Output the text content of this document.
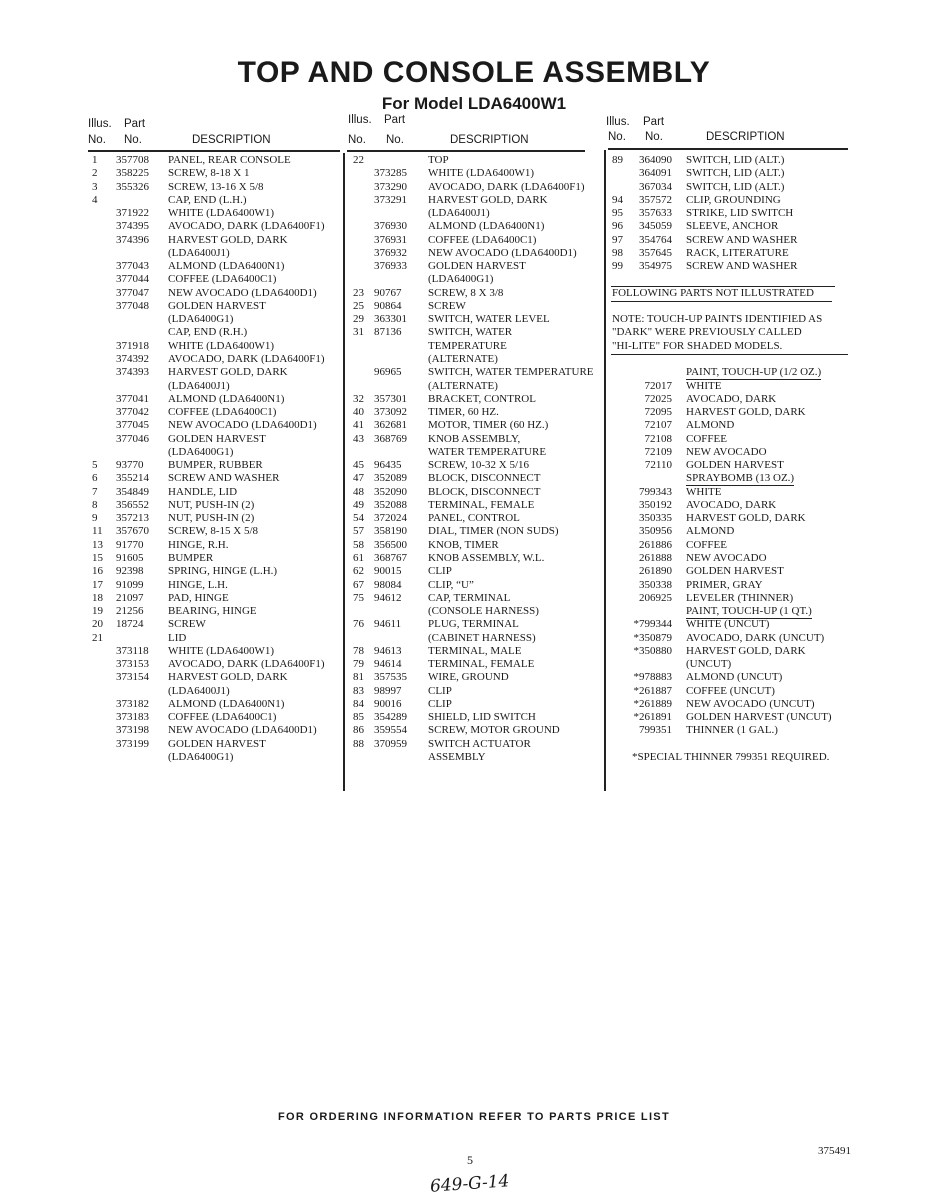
TOP AND CONSOLE ASSEMBLY
For Model LDA6400W1
Illus. Part
No. No.	DESCRIPTION
Illus. Part
No. No.	DESCRIPTION
Illus. Part
No. No.	DESCRIPTION
1 357708 PANEL, REAR CONSOLE
2 358225 SCREW, 8-18 X 1
3 355326 SCREW, 13-16 X 5/8
4	CAP, END (L.H.)
371922 WHITE (LDA6400W1)
374395 AVOCADO, DARK (LDA6400F1)
374396 HARVEST GOLD, DARK
(LDA6400J1)
377043 ALMOND (LDA6400N1)
377044 COFFEE (LDA6400C1)
377047 NEW AVOCADO (LDA6400D1)
377048 GOLDEN HARVEST
(LDA6400G1)
CAP, END (R.H.)
371918 WHITE (LDA6400W1)
374392 AVOCADO, DARK (LDA6400F1)
374393 HARVEST GOLD, DARK
(LDA6400J1)
377041 ALMOND (LDA6400N1)
377042 COFFEE (LDA6400C1)
377045 NEW AVOCADO (LDA6400D1)
377046 GOLDEN HARVEST
(LDA6400G1)
5 93770 BUMPER, RUBBER
6 355214 SCREW AND WASHER
7 354849 HANDLE, LID
8 356552 NUT, PUSH-IN (2)
9 357213 NUT, PUSH-IN (2)
11 357670 SCREW, 8-15 X 5/8
13 91770 HINGE, R.H.
15 91605 BUMPER
16 92398 SPRING, HINGE (L.H.)
17 91099 HINGE, L.H.
18 21097 PAD, HINGE
19 21256 BEARING, HINGE
20 18724 SCREW
21	LID
373118 WHITE (LDA6400W1)
373153 AVOCADO, DARK (LDA6400F1)
373154 HARVEST GOLD, DARK
(LDA6400J1)
373182 ALMOND (LDA6400N1)
373183 COFFEE (LDA6400C1)
373198 NEW AVOCADO (LDA6400D1)
373199 GOLDEN HARVEST
(LDA6400G1)
22	TOP
373285 WHITE (LDA6400W1)
373290 AVOCADO, DARK (LDA6400F1)
373291 HARVEST GOLD, DARK
(LDA6400J1)
376930 ALMOND (LDA6400N1)
376931 COFFEE (LDA6400C1)
376932 NEW AVOCADO (LDA6400D1)
376933 GOLDEN HARVEST
(LDA6400G1)
23 90767 SCREW, 8 X 3/8
25 90864 SCREW
29 363301 SWITCH, WATER LEVEL
31 87136 SWITCH, WATER
TEMPERATURE
(ALTERNATE)
96965 SWITCH, WATER TEMPERATURE
(ALTERNATE)
32 357301 BRACKET, CONTROL
40 373092 TIMER, 60 HZ.
41 362681 MOTOR, TIMER (60 HZ.)
43 368769 KNOB ASSEMBLY,
WATER TEMPERATURE
45 96435 SCREW, 10-32 X 5/16
47 352089 BLOCK, DISCONNECT
48 352090 BLOCK, DISCONNECT
49 352088 TERMINAL, FEMALE
54 372024 PANEL, CONTROL
57 358190 DIAL, TIMER (NON SUDS)
58 356500 KNOB, TIMER
61 368767 KNOB ASSEMBLY, W.L.
62 90015 CLIP
67 98084 CLIP, “U”
75 94612 CAP, TERMINAL
(CONSOLE HARNESS)
76 94611 PLUG, TERMINAL
(CABINET HARNESS)
78 94613 TERMINAL, MALE
79 94614 TERMINAL, FEMALE
81 357535 WIRE, GROUND
83 98997 CLIP
84 90016 CLIP
85 354289 SHIELD, LID SWITCH
86 359554 SCREW, MOTOR GROUND
88 370959 SWITCH ACTUATOR
ASSEMBLY
89	364090 SWITCH, LID (ALT.)
364091 SWITCH, LID (ALT.)
367034 SWITCH, LID (ALT.)
94	357572 CLIP, GROUNDING
95	357633 STRIKE, LID SWITCH
96	345059 SLEEVE, ANCHOR
97	354764 SCREW AND WASHER
98	357645 RACK, LITERATURE
99	354975 SCREW AND WASHER
FOLLOWING PARTS NOT ILLUSTRATED
NOTE: TOUCH-UP PAINTS IDENTIFIED AS
"DARK" WERE PREVIOUSLY CALLED
"HI-LITE" FOR SHADED MODELS.
PAINT, TOUCH-UP (1/2 OZ.)
72017 WHITE
72025 AVOCADO, DARK
72095 HARVEST GOLD, DARK
72107 ALMOND
72108 COFFEE
72109 NEW AVOCADO
72110 GOLDEN HARVEST
SPRAYBOMB (13 OZ.)
799343 WHITE
350192 AVOCADO, DARK
350335 HARVEST GOLD, DARK
350956 ALMOND
261886 COFFEE
261888 NEW AVOCADO
261890 GOLDEN HARVEST
350338 PRIMER, GRAY
206925 LEVELER (THINNER)
PAINT, TOUCH-UP (1 QT.)
*799344 WHITE (UNCUT)
*350879 AVOCADO, DARK (UNCUT)
*350880 HARVEST GOLD, DARK
(UNCUT)
*978883 ALMOND (UNCUT)
*261887 COFFEE (UNCUT)
*261889 NEW AVOCADO (UNCUT)
*261891 GOLDEN HARVEST (UNCUT)
799351 THINNER (1 GAL.)
*SPECIAL THINNER 799351 REQUIRED.
FOR ORDERING INFORMATION REFER TO PARTS PRICE LIST
5
375491
649-G-14
